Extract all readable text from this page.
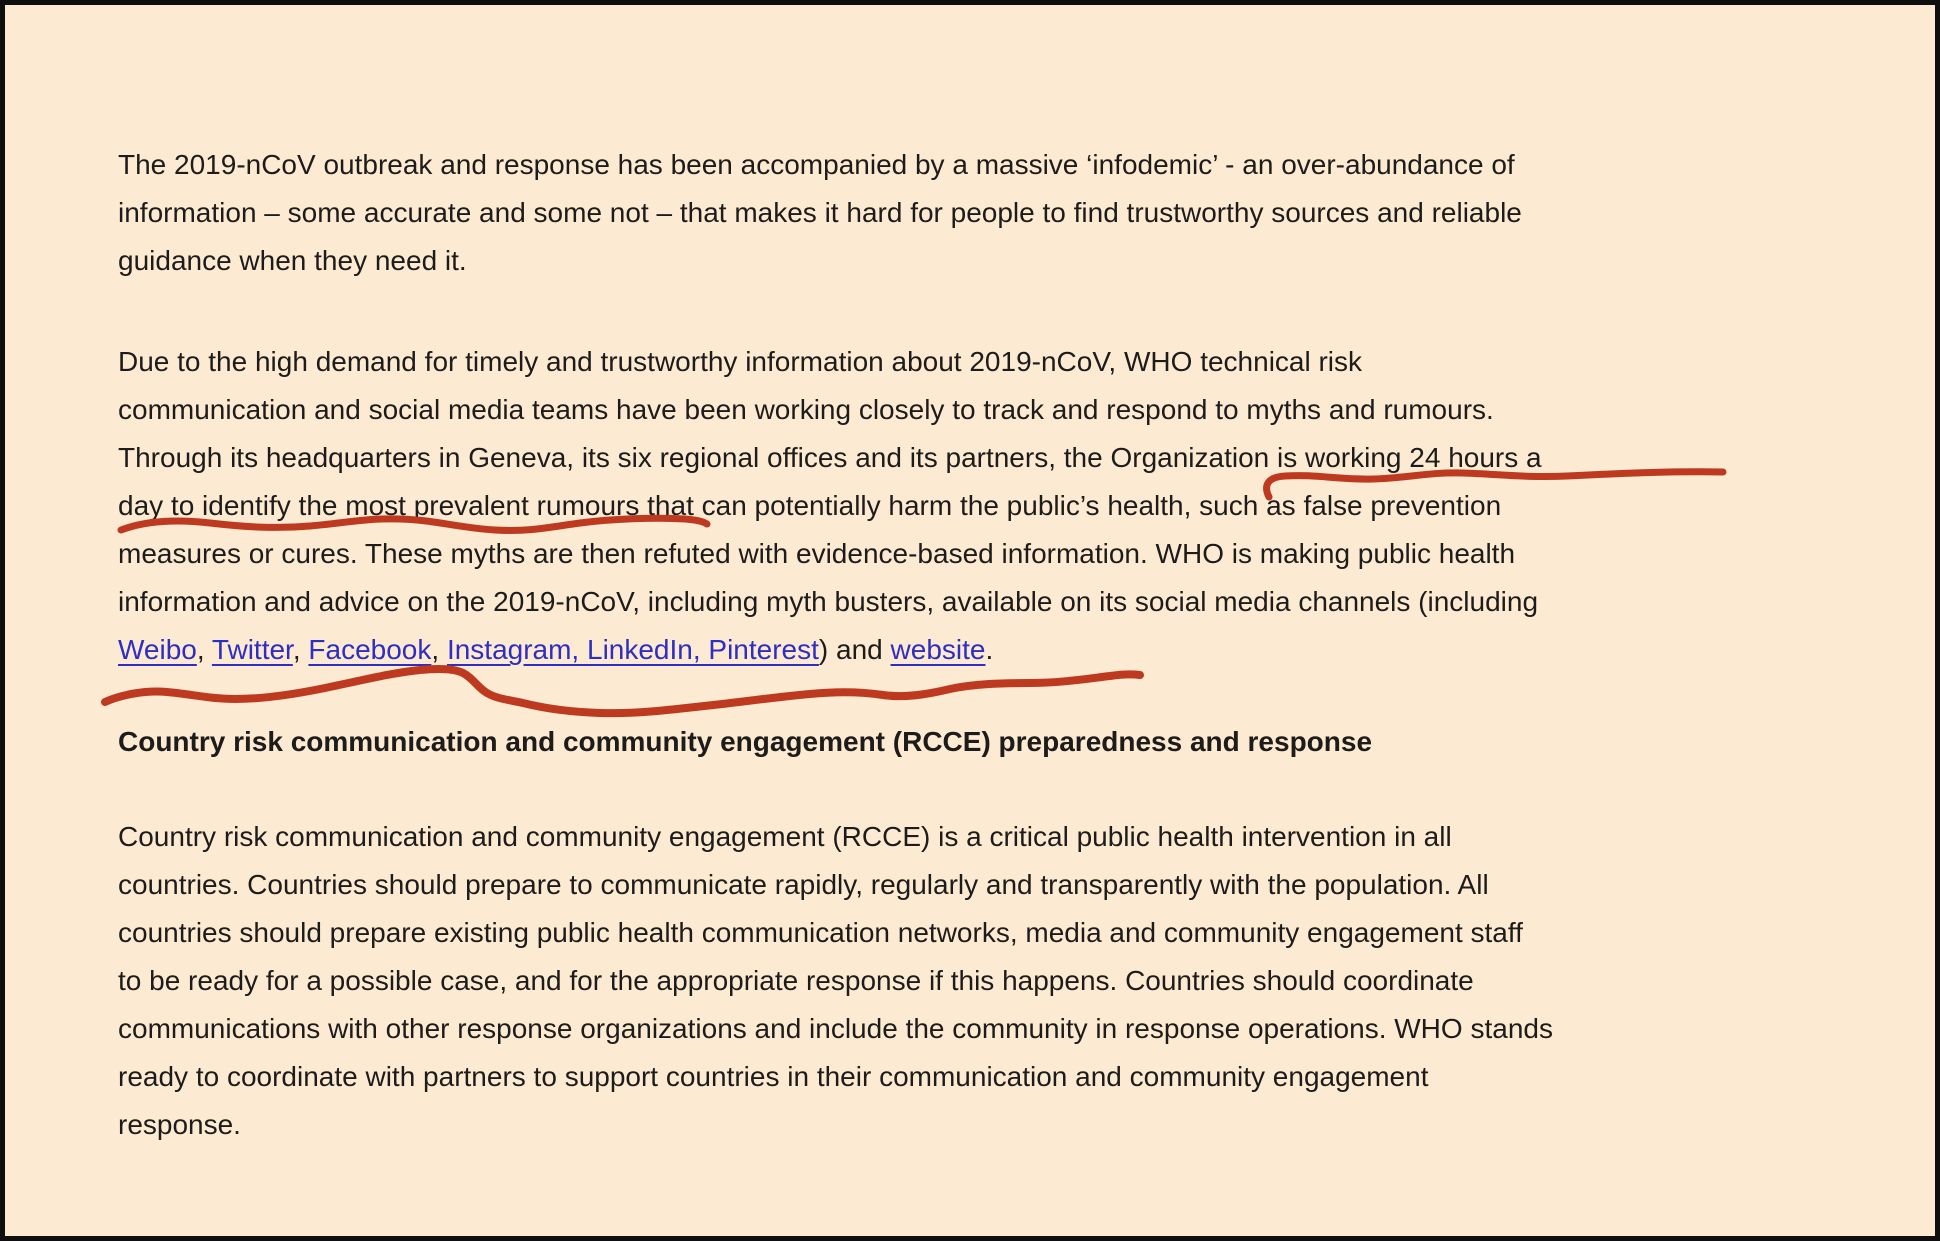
The 2019-nCoV outbreak and response has been accompanied by a massive ‘infodemic’ - an over-abundance of
information – some accurate and some not – that makes it hard for people to find trustworthy sources and reliable
guidance when they need it.
Due to the high demand for timely and trustworthy information about 2019-nCoV, WHO technical risk
communication and social media teams have been working closely to track and respond to myths and rumours.
Through its headquarters in Geneva, its six regional offices and its partners, the Organization is working 24 hours a
day to identify the most prevalent rumours that can potentially harm the public’s health, such as false prevention
measures or cures. These myths are then refuted with evidence-based information. WHO is making public health
information and advice on the 2019-nCoV, including myth busters, available on its social media channels (including
Weibo, Twitter, Facebook, Instagram, LinkedIn, Pinterest) and website.
Country risk communication and community engagement (RCCE) preparedness and response
Country risk communication and community engagement (RCCE) is a critical public health intervention in all
countries. Countries should prepare to communicate rapidly, regularly and transparently with the population. All
countries should prepare existing public health communication networks, media and community engagement staff
to be ready for a possible case, and for the appropriate response if this happens. Countries should coordinate
communications with other response organizations and include the community in response operations. WHO stands
ready to coordinate with partners to support countries in their communication and community engagement
response.
